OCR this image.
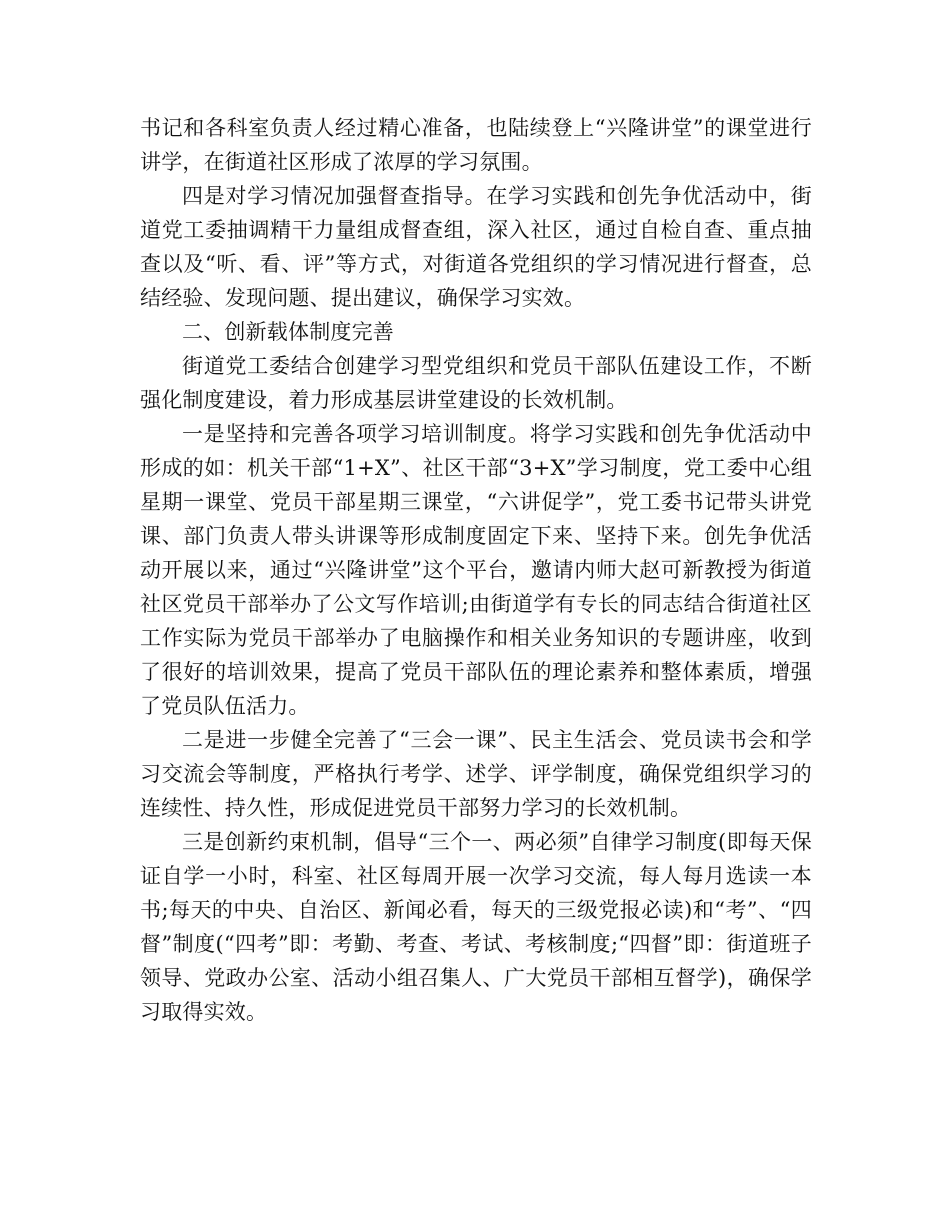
书记和各科室负责人经过精心准备，也陆续登上“兴隆讲堂”的课堂进行讲学，在街道社区形成了浓厚的学习氛围。

四是对学习情况加强督查指导。在学习实践和创先争优活动中，街道党工委抽调精干力量组成督查组，深入社区，通过自检自查、重点抽查以及“听、看、评”等方式，对街道各党组织的学习情况进行督查，总结经验、发现问题、提出建议，确保学习实效。

二、创新载体制度完善

街道党工委结合创建学习型党组织和党员干部队伍建设工作，不断强化制度建设，着力形成基层讲堂建设的长效机制。

一是坚持和完善各项学习培训制度。将学习实践和创先争优活动中形成的如：机关干部“1+X”、社区干部“3+X”学习制度，党工委中心组星期一课堂、党员干部星期三课堂，“六讲促学”，党工委书记带头讲党课、部门负责人带头讲课等形成制度固定下来、坚持下来。创先争优活动开展以来，通过“兴隆讲堂”这个平台，邀请内师大赵可新教授为街道社区党员干部举办了公文写作培训;由街道学有专长的同志结合街道社区工作实际为党员干部举办了电脑操作和相关业务知识的专题讲座，收到了很好的培训效果，提高了党员干部队伍的理论素养和整体素质，增强了党员队伍活力。

二是进一步健全完善了“三会一课”、民主生活会、党员读书会和学习交流会等制度，严格执行考学、述学、评学制度，确保党组织学习的连续性、持久性，形成促进党员干部努力学习的长效机制。

三是创新约束机制，倡导“三个一、两必须”自律学习制度(即每天保证自学一小时，科室、社区每周开展一次学习交流，每人每月选读一本书;每天的中央、自治区、新闻必看，每天的三级党报必读)和“考”、“四督”制度(“四考”即：考勤、考查、考试、考核制度;“四督”即：街道班子领导、党政办公室、活动小组召集人、广大党员干部相互督学)，确保学习取得实效。
